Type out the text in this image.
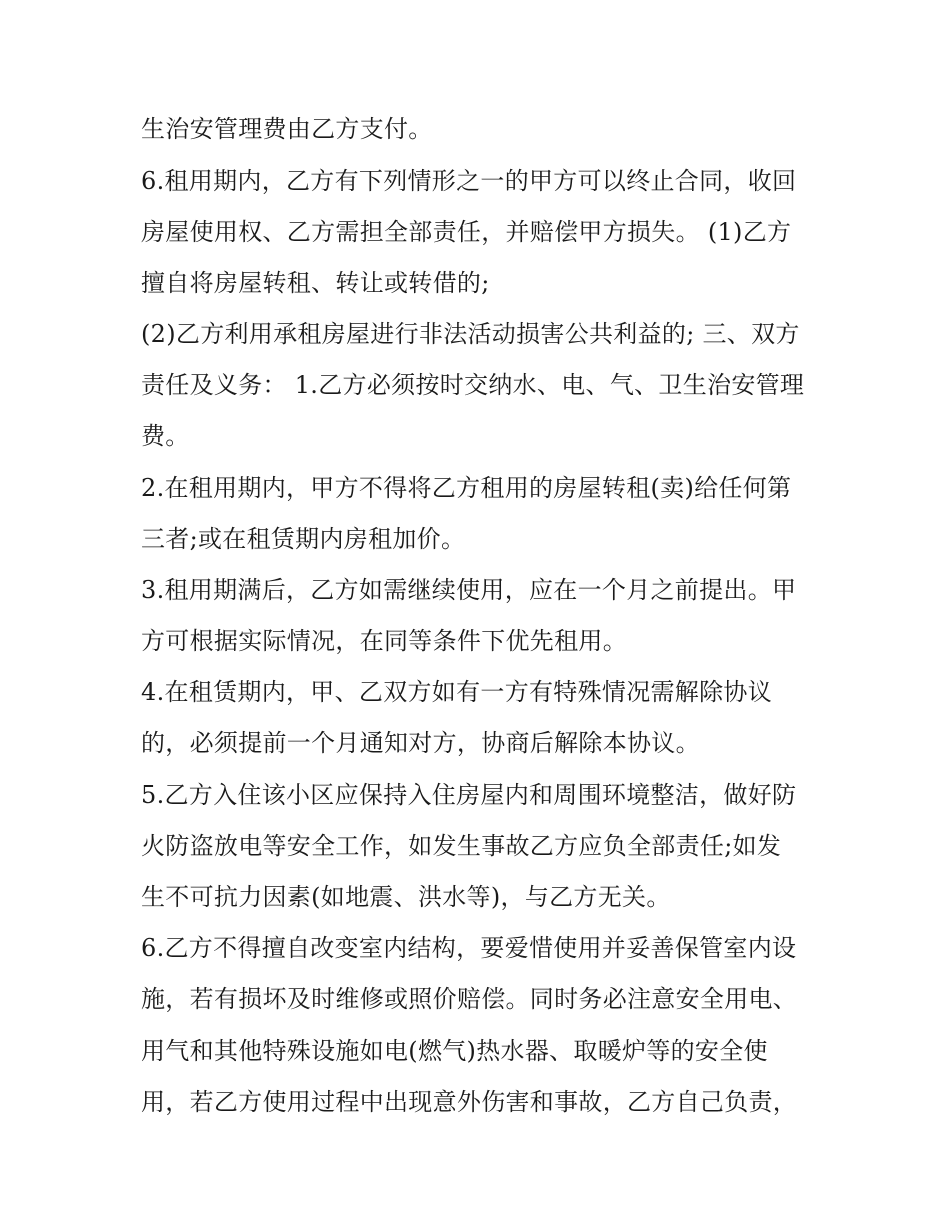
生治安管理费由乙方支付。
6.租用期内，乙方有下列情形之一的甲方可以终止合同，收回
房屋使用权、乙方需担全部责任，并赔偿甲方损失。 (1)乙方
擅自将房屋转租、转让或转借的;
(2)乙方利用承租房屋进行非法活动损害公共利益的; 三、双方
责任及义务： 1.乙方必须按时交纳水、电、气、卫生治安管理
费。
2.在租用期内，甲方不得将乙方租用的房屋转租(卖)给任何第
三者;或在租赁期内房租加价。
3.租用期满后，乙方如需继续使用，应在一个月之前提出。甲
方可根据实际情况，在同等条件下优先租用。
4.在租赁期内，甲、乙双方如有一方有特殊情况需解除协议
的，必须提前一个月通知对方，协商后解除本协议。
5.乙方入住该小区应保持入住房屋内和周围环境整洁，做好防
火防盗放电等安全工作，如发生事故乙方应负全部责任;如发
生不可抗力因素(如地震、洪水等)，与乙方无关。
6.乙方不得擅自改变室内结构，要爱惜使用并妥善保管室内设
施，若有损坏及时维修或照价赔偿。同时务必注意安全用电、
用气和其他特殊设施如电(燃气)热水器、取暖炉等的安全使
用，若乙方使用过程中出现意外伤害和事故，乙方自己负责，
